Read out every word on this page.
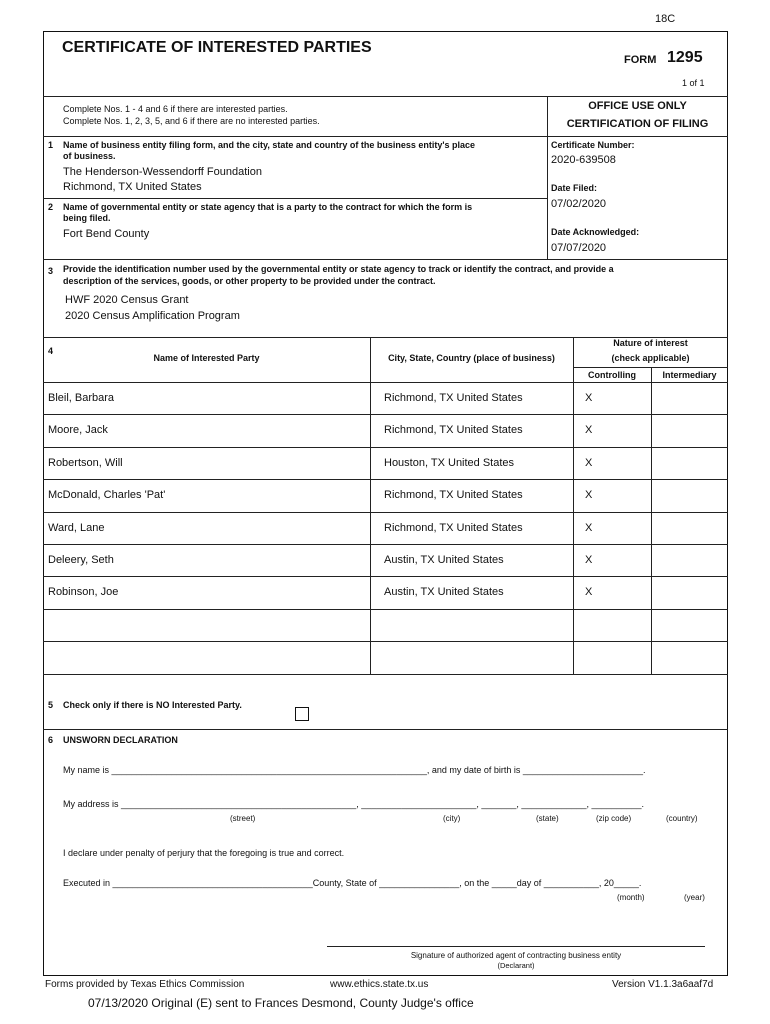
18C
CERTIFICATE OF INTERESTED PARTIES
FORM 1295
1 of 1
Complete Nos. 1 - 4 and 6 if there are interested parties.
Complete Nos. 1, 2, 3, 5, and 6 if there are no interested parties.
OFFICE USE ONLY
CERTIFICATION OF FILING
Certificate Number:
2020-639508
Date Filed:
07/02/2020
Date Acknowledged:
07/07/2020
1 Name of business entity filing form, and the city, state and country of the business entity's place
of business.
The Henderson-Wessendorff Foundation
Richmond, TX United States
2 Name of governmental entity or state agency that is a party to the contract for which the form is
being filed.
Fort Bend County
3 Provide the identification number used by the governmental entity or state agency to track or identify the contract, and provide a
description of the services, goods, or other property to be provided under the contract.
HWF 2020 Census Grant
2020 Census Amplification Program
4
Name of Interested Party	City, State, Country (place of business)
Nature of interest
(check applicable)
Controlling	Intermediary
Bleil, Barbara	Richmond, TX United States	X
Moore, Jack	Richmond, TX United States	X
Robertson, Will	Houston, TX United States	X
McDonald, Charles 'Pat'	Richmond, TX United States	X
Ward, Lane	Richmond, TX United States	X
Deleery, Seth	Austin, TX United States	X
Robinson, Joe	Austin, TX United States	X
5 Check only if there is NO Interested Party.
6 UNSWORN DECLARATION
My name is _______________________________________________________________, and my date of birth is ________________________.
My address is _______________________________________________, _______________________, _______, _____________, __________.
(street)	(city)	(state)	(zip code)	(country)
I declare under penalty of perjury that the foregoing is true and correct.
Executed in ________________________________________County, State of ________________, on the _____day of ___________, 20_____.
(month)	(year)
Signature of authorized agent of contracting business entity
(Declarant)
Forms provided by Texas Ethics Commission	www.ethics.state.tx.us	Version V1.1.3a6aaf7d
07/13/2020 Original (E) sent to Frances Desmond, County Judge's office
